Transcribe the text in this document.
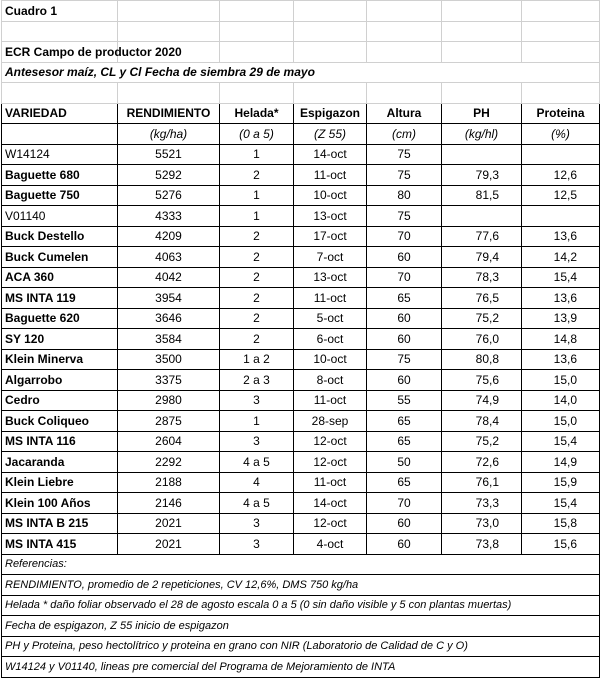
Cuadro 1						

ECR Campo de productor 2020						
Antesesor maíz, CL y Cl Fecha de siembra 29 de mayo						

VARIEDAD	RENDIMIENTO	Helada*	Espigazon	Altura	PH	Proteina
	(kg/ha)	(0 a 5)	(Z 55)	(cm)	(kg/hl)	(%)
W14124	5521	1	14-oct	75		
Baguette 680	5292	2	11-oct	75	79,3	12,6
Baguette 750	5276	1	10-oct	80	81,5	12,5
V01140	4333	1	13-oct	75		
Buck Destello	4209	2	17-oct	70	77,6	13,6
Buck Cumelen	4063	2	7-oct	60	79,4	14,2
ACA 360	4042	2	13-oct	70	78,3	15,4
MS INTA 119	3954	2	11-oct	65	76,5	13,6
Baguette 620	3646	2	5-oct	60	75,2	13,9
SY 120	3584	2	6-oct	60	76,0	14,8
Klein Minerva	3500	1 a 2	10-oct	75	80,8	13,6
Algarrobo	3375	2 a 3	8-oct	60	75,6	15,0
Cedro	2980	3	11-oct	55	74,9	14,0
Buck Coliqueo	2875	1	28-sep	65	78,4	15,0
MS INTA 116	2604	3	12-oct	65	75,2	15,4
Jacaranda	2292	4 a 5	12-oct	50	72,6	14,9
Klein Liebre	2188	4	11-oct	65	76,1	15,9
Klein 100 Años	2146	4 a 5	14-oct	70	73,3	15,4
MS INTA B 215	2021	3	12-oct	60	73,0	15,8
MS INTA 415	2021	3	4-oct	60	73,8	15,6
Referencias:						
RENDIMIENTO, promedio de 2 repeticiones, CV 12,6%, DMS 750 kg/ha						
Helada * daño foliar observado el 28 de agosto escala 0 a 5 (0 sin daño visible y 5 con plantas muertas)						
Fecha de espigazon, Z 55 inicio de espigazon						
PH y Proteina, peso hectolítrico y proteina en grano con NIR (Laboratorio de Calidad de C y O)						
W14124 y V01140, lineas pre comercial del Programa de Mejoramiento de INTA						
